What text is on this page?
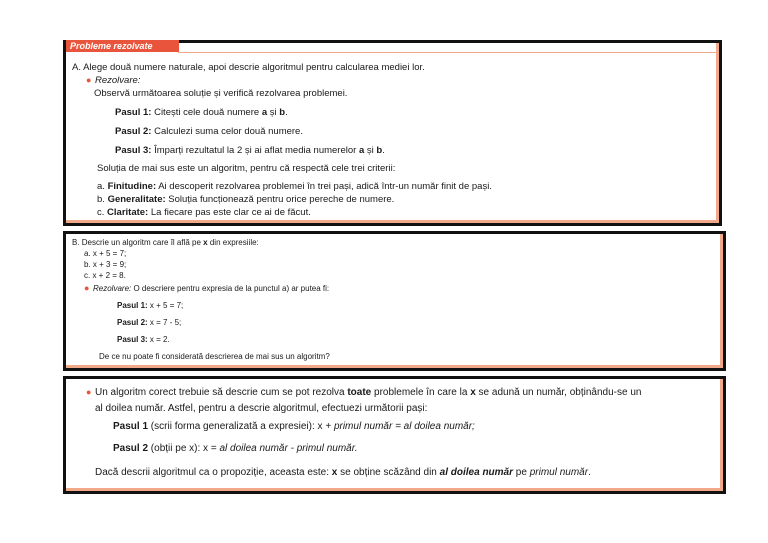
Probleme rezolvate
A. Alege două numere naturale, apoi descrie algoritmul pentru calcularea mediei lor.
● Rezolvare:
Observă următoarea soluție și verifică rezolvarea problemei.
Pasul 1: Citești cele două numere a și b.
Pasul 2: Calculezi suma celor două numere.
Pasul 3: Împarți rezultatul la 2 și ai aflat media numerelor a și b.
Soluția de mai sus este un algoritm, pentru că respectă cele trei criterii:
a. Finitudine: Ai descoperit rezolvarea problemei în trei pași, adică într-un număr finit de pași.
b. Generalitate: Soluția funcționează pentru orice pereche de numere.
c. Claritate: La fiecare pas este clar ce ai de făcut.
B. Descrie un algoritm care îl află pe x din expresiile:
a. x + 5 = 7;
b. x + 3 = 9;
c. x + 2 = 8.
● Rezolvare: O descriere pentru expresia de la punctul a) ar putea fi:
Pasul 1: x + 5 = 7;
Pasul 2: x = 7 - 5;
Pasul 3: x = 2.
De ce nu poate fi considerată descrierea de mai sus un algoritm?
● Un algoritm corect trebuie să descrie cum se pot rezolva toate problemele în care la x se adună un număr, obținându-se un
al doilea număr. Astfel, pentru a descrie algoritmul, efectuezi următorii pași:
Pasul 1 (scrii forma generalizată a expresiei): x + primul număr = al doilea număr;
Pasul 2 (obții pe x): x = al doilea număr - primul număr.
Dacă descrii algoritmul ca o propoziție, aceasta este: x se obține scăzând din al doilea număr pe primul număr.
